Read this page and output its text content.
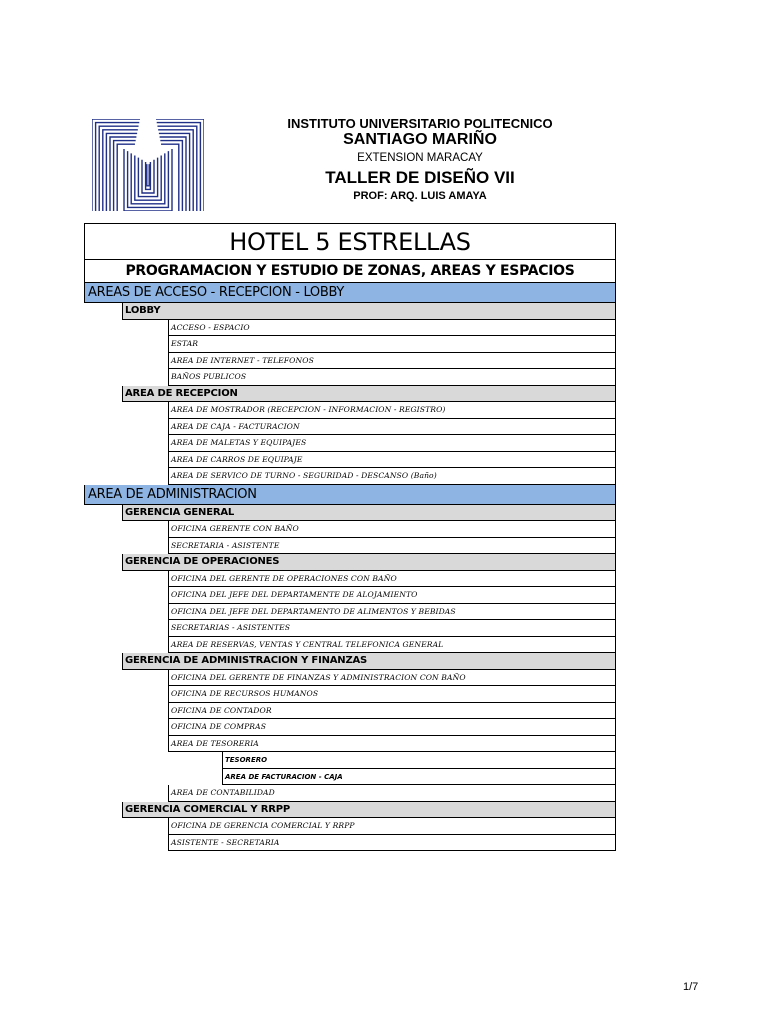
INSTITUTO UNIVERSITARIO POLITECNICO
SANTIAGO MARIÑO
EXTENSION MARACAY
TALLER DE DISEÑO VII
PROF: ARQ. LUIS AMAYA
HOTEL 5 ESTRELLAS
PROGRAMACION Y ESTUDIO DE ZONAS, AREAS Y ESPACIOS
AREAS DE ACCESO - RECEPCION - LOBBY
LOBBY
ACCESO - ESPACIO
ESTAR
AREA DE INTERNET - TELEFONOS
BAÑOS PUBLICOS
AREA DE RECEPCION
AREA DE MOSTRADOR (RECEPCION - INFORMACION - REGISTRO)
AREA DE CAJA - FACTURACION
AREA DE MALETAS Y EQUIPAJES
AREA DE CARROS DE EQUIPAJE
AREA DE SERVICO DE TURNO - SEGURIDAD - DESCANSO (Baño)
AREA DE ADMINISTRACION
GERENCIA GENERAL
OFICINA GERENTE CON BAÑO
SECRETARIA - ASISTENTE
GERENCIA DE OPERACIONES
OFICINA DEL GERENTE DE OPERACIONES CON BAÑO
OFICINA DEL JEFE DEL DEPARTAMENTE DE ALOJAMIENTO
OFICINA DEL JEFE DEL DEPARTAMENTO DE ALIMENTOS Y BEBIDAS
SECRETARIAS - ASISTENTES
AREA DE RESERVAS, VENTAS Y CENTRAL TELEFONICA GENERAL
GERENCIA DE ADMINISTRACION Y FINANZAS
OFICINA DEL GERENTE DE FINANZAS Y ADMINISTRACION CON BAÑO
OFICINA DE RECURSOS HUMANOS
OFICINA DE CONTADOR
OFICINA DE COMPRAS
AREA DE TESORERIA
TESORERO
AREA DE FACTURACION - CAJA
AREA DE CONTABILIDAD
GERENCIA COMERCIAL Y RRPP
OFICINA DE GERENCIA COMERCIAL Y RRPP
ASISTENTE - SECRETARIA
1/7
